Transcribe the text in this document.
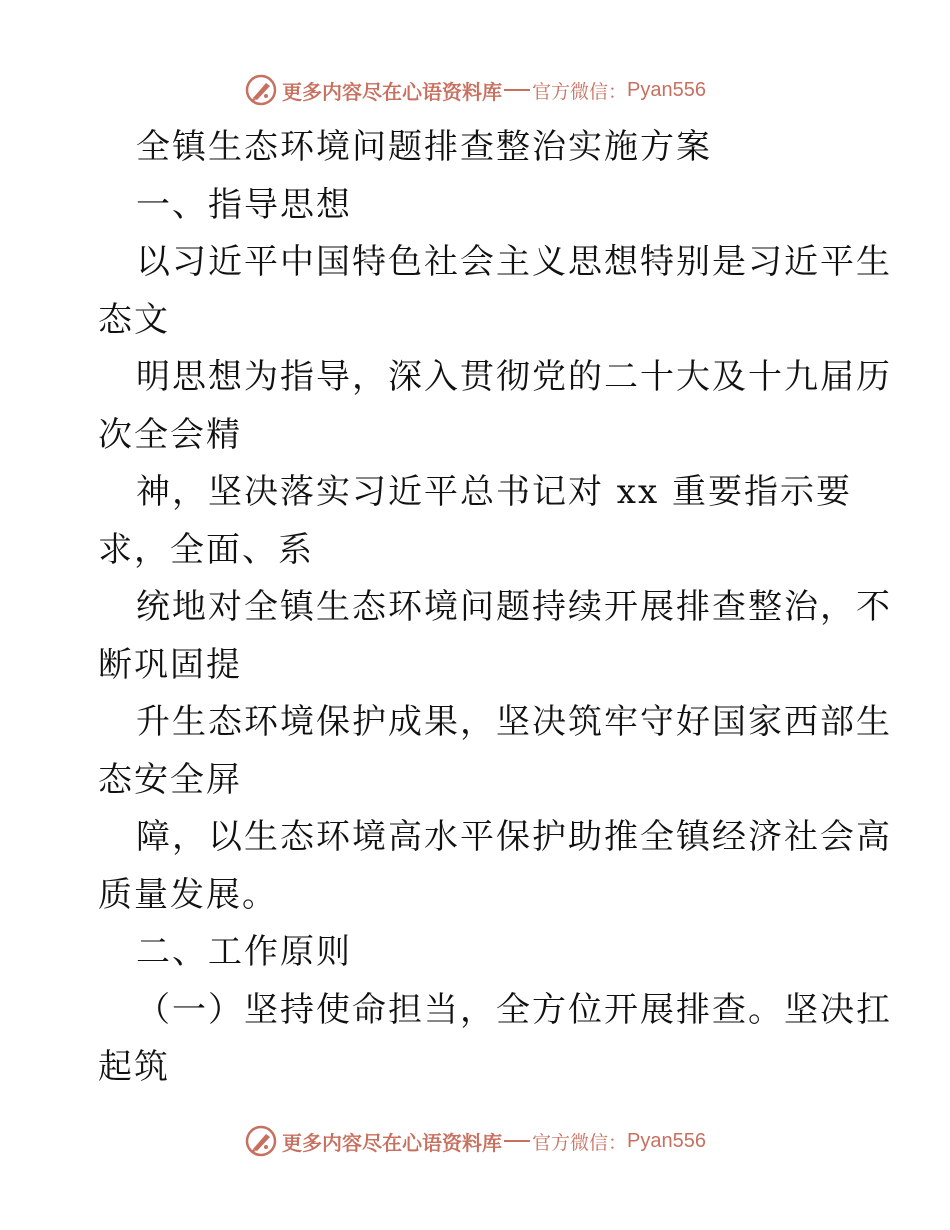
更多内容尽在心语资料库 官方微信： Pyan556
全镇生态环境问题排查整治实施方案
一、指导思想
以习近平中国特色社会主义思想特别是习近平生
态文
明思想为指导，深入贯彻党的二十大及十九届历
次全会精
神，坚决落实习近平总书记对 xx 重要指示要
求，全面、系
统地对全镇生态环境问题持续开展排查整治，不
断巩固提
升生态环境保护成果，坚决筑牢守好国家西部生
态安全屏
障，以生态环境高水平保护助推全镇经济社会高
质量发展。
二、工作原则
（一）坚持使命担当，全方位开展排查。坚决扛
起筑
更多内容尽在心语资料库 官方微信： Pyan556
